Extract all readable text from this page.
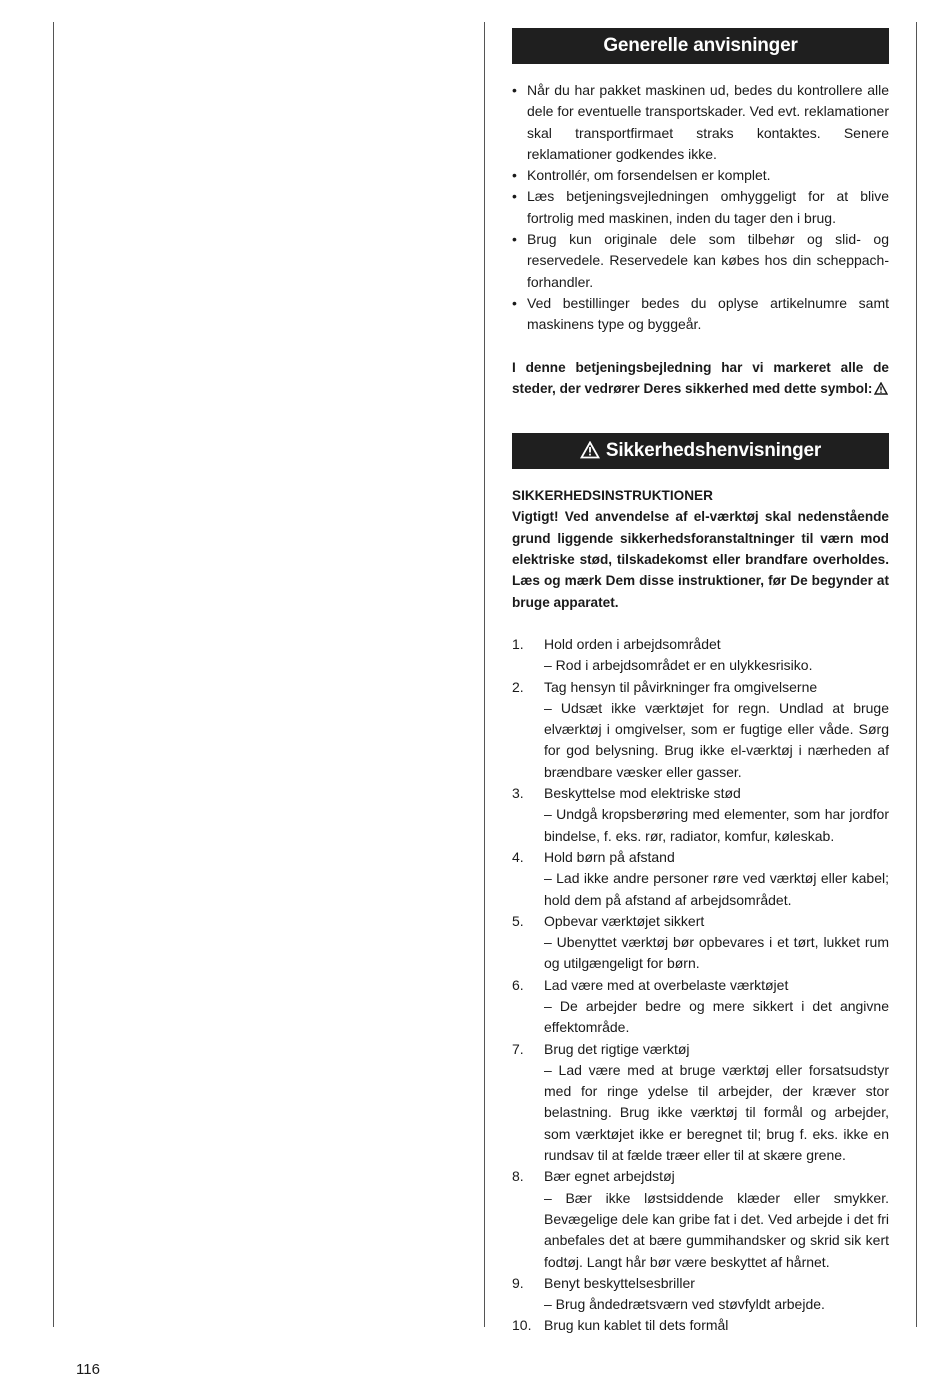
Generelle anvisninger
• Når du har pakket maskinen ud, bedes du kontrollere alle dele for eventuelle transportskader. Ved evt. reklamationer skal transportfirmaet straks kontaktes. Senere reklamationer godkendes ikke.
• Kontrollér, om forsendelsen er komplet.
• Læs betjeningsvejledningen omhyggeligt for at blive fortrolig med maskinen, inden du tager den i brug.
• Brug kun originale dele som tilbehør og slid- og reservedele. Reservedele kan købes hos din scheppach-forhandler.
• Ved bestillinger bedes du oplyse artikelnumre samt maskinens type og byggeår.

I denne betjeningsbejledning har vi markeret alle de steder, der vedrører Deres sikkerhed med dette symbol:

Sikkerhedshenvisninger
SIKKERHEDSINSTRUKTIONER

Vigtigt! Ved anvendelse af el-værktøj skal nedenstående grund liggende sikkerhedsforanstaltninger til værn mod elektriske stød, tilskadekomst eller brandfare overholdes. Læs og mærk Dem disse instruktioner, før De begynder at bruge apparatet.

1. Hold orden i arbejdsområdet
– Rod i arbejdsområdet er en ulykkesrisiko.
2. Tag hensyn til påvirkninger fra omgivelserne
– Udsæt ikke værktøjet for regn. Undlad at bruge elværktøj i omgivelser, som er fugtige eller våde. Sørg for god belysning. Brug ikke el-værktøj i nærheden af brændbare væsker eller gasser.
3. Beskyttelse mod elektriske stød
– Undgå kropsberøring med elementer, som har jordfor bindelse, f. eks. rør, radiator, komfur, køleskab.
4. Hold børn på afstand
– Lad ikke andre personer røre ved værktøj eller kabel; hold dem på afstand af arbejdsområdet.
5. Opbevar værktøjet sikkert
– Ubenyttet værktøj bør opbevares i et tørt, lukket rum og utilgængeligt for børn.
6. Lad være med at overbelaste værktøjet
– De arbejder bedre og mere sikkert i det angivne effektområde.
7. Brug det rigtige værktøj
– Lad være med at bruge værktøj eller forsatsudstyr med for ringe ydelse til arbejder, der kræver stor belastning. Brug ikke værktøj til formål og arbejder, som værktøjet ikke er beregnet til; brug f. eks. ikke en rundsav til at fælde træer eller til at skære grene.
8. Bær egnet arbejdstøj
– Bær ikke løstsiddende klæder eller smykker. Bevægelige dele kan gribe fat i det. Ved arbejde i det fri anbefales det at bære gummihandsker og skrid sik kert fodtøj. Langt hår bør være beskyttet af hårnet.
9. Benyt beskyttelsesbriller
– Brug åndedrætsværn ved støvfyldt arbejde.
10. Brug kun kablet til dets formål
116
